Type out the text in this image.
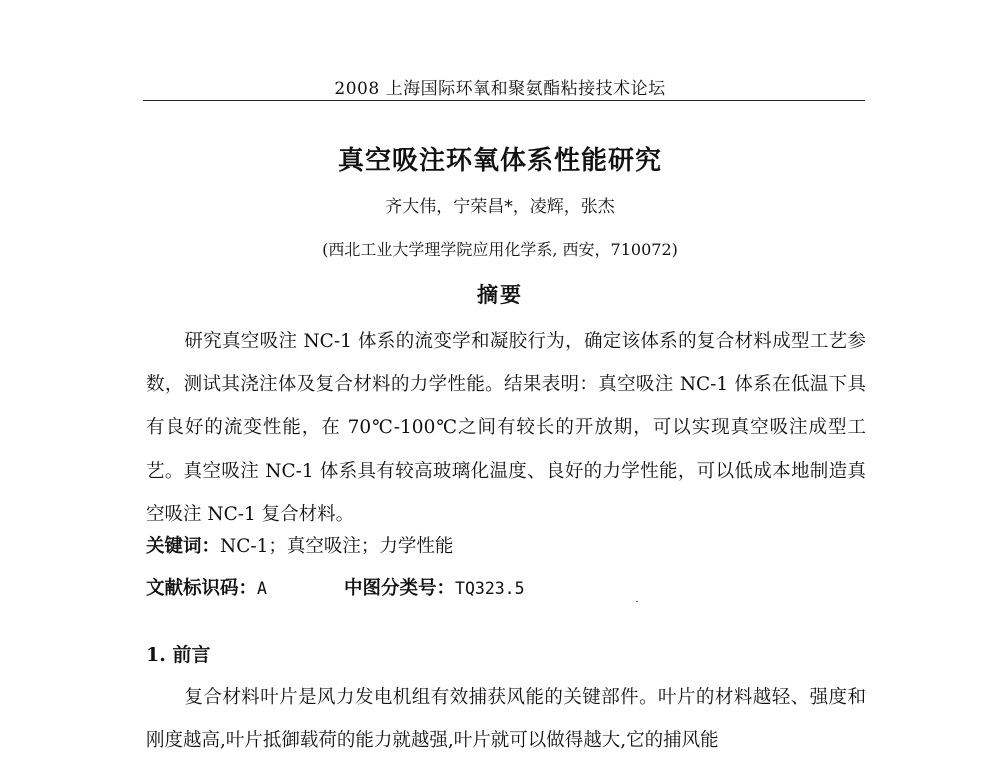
2008 上海国际环氧和聚氨酯粘接技术论坛
真空吸注环氧体系性能研究
齐大伟，宁荣昌*，凌辉，张杰
(西北工业大学理学院应用化学系, 西安，710072)
摘要
研究真空吸注 NC-1 体系的流变学和凝胶行为，确定该体系的复合材料成型工艺参数，测试其浇注体及复合材料的力学性能。结果表明：真空吸注 NC-1 体系在低温下具有良好的流变性能，在 70℃-100℃之间有较长的开放期，可以实现真空吸注成型工艺。真空吸注 NC-1 体系具有较高玻璃化温度、良好的力学性能，可以低成本地制造真空吸注 NC-1 复合材料。
关键词：NC-1；真空吸注；力学性能
文献标识码：A	中图分类号：TQ323.5
1. 前言
复合材料叶片是风力发电机组有效捕获风能的关键部件。叶片的材料越轻、强度和刚度越高,叶片抵御载荷的能力就越强,叶片就可以做得越大,它的捕风能
